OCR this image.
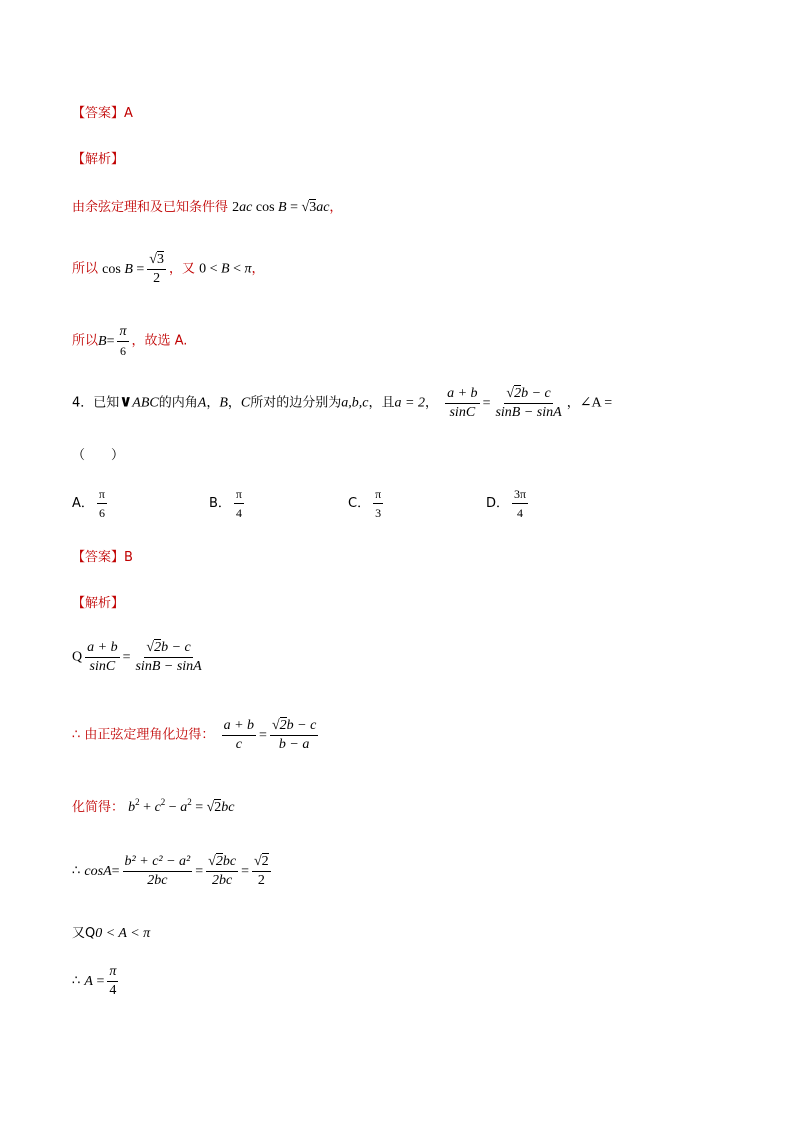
【答案】A
【解析】
由余弦定理和及已知条件得 2ac cos B = √3ac，
所以 $\cos B = \frac{√3}{2}$ ，又 0 < B < π，
所以$B= \frac{\pi}{6}$ ，故选 A.
4．已知∨ABC的内角A，B，C所对的边分别为a,b,c，且a = 2， $\frac{a + b}{\sin C} = \frac{√2b - c}{\sin B - \sin A}$ ，∠A =
（　　）
A． $\frac{\pi}{6}$	B． $\frac{\pi}{4}$	C． $\frac{\pi}{3}$	D． $\frac{3\pi}{4}$
【答案】B
【解析】
Q $\frac{a + b}{\sin C} = \frac{√2b - c}{\sin B - \sin A}$
∴ 由正弦定理角化边得： $\frac{a + b}{c} = \frac{√2b - c}{b - a}$
化简得： $b^2 + c^2 - a^2 = √2bc$
∴ $\cos A= \frac{\text{b² + c² − a²}}{2bc} = \frac{√2bc}{2bc} = \frac{√2}{2}$
又Q0 < A < π
∴ $A = \frac{\pi}{4}$
